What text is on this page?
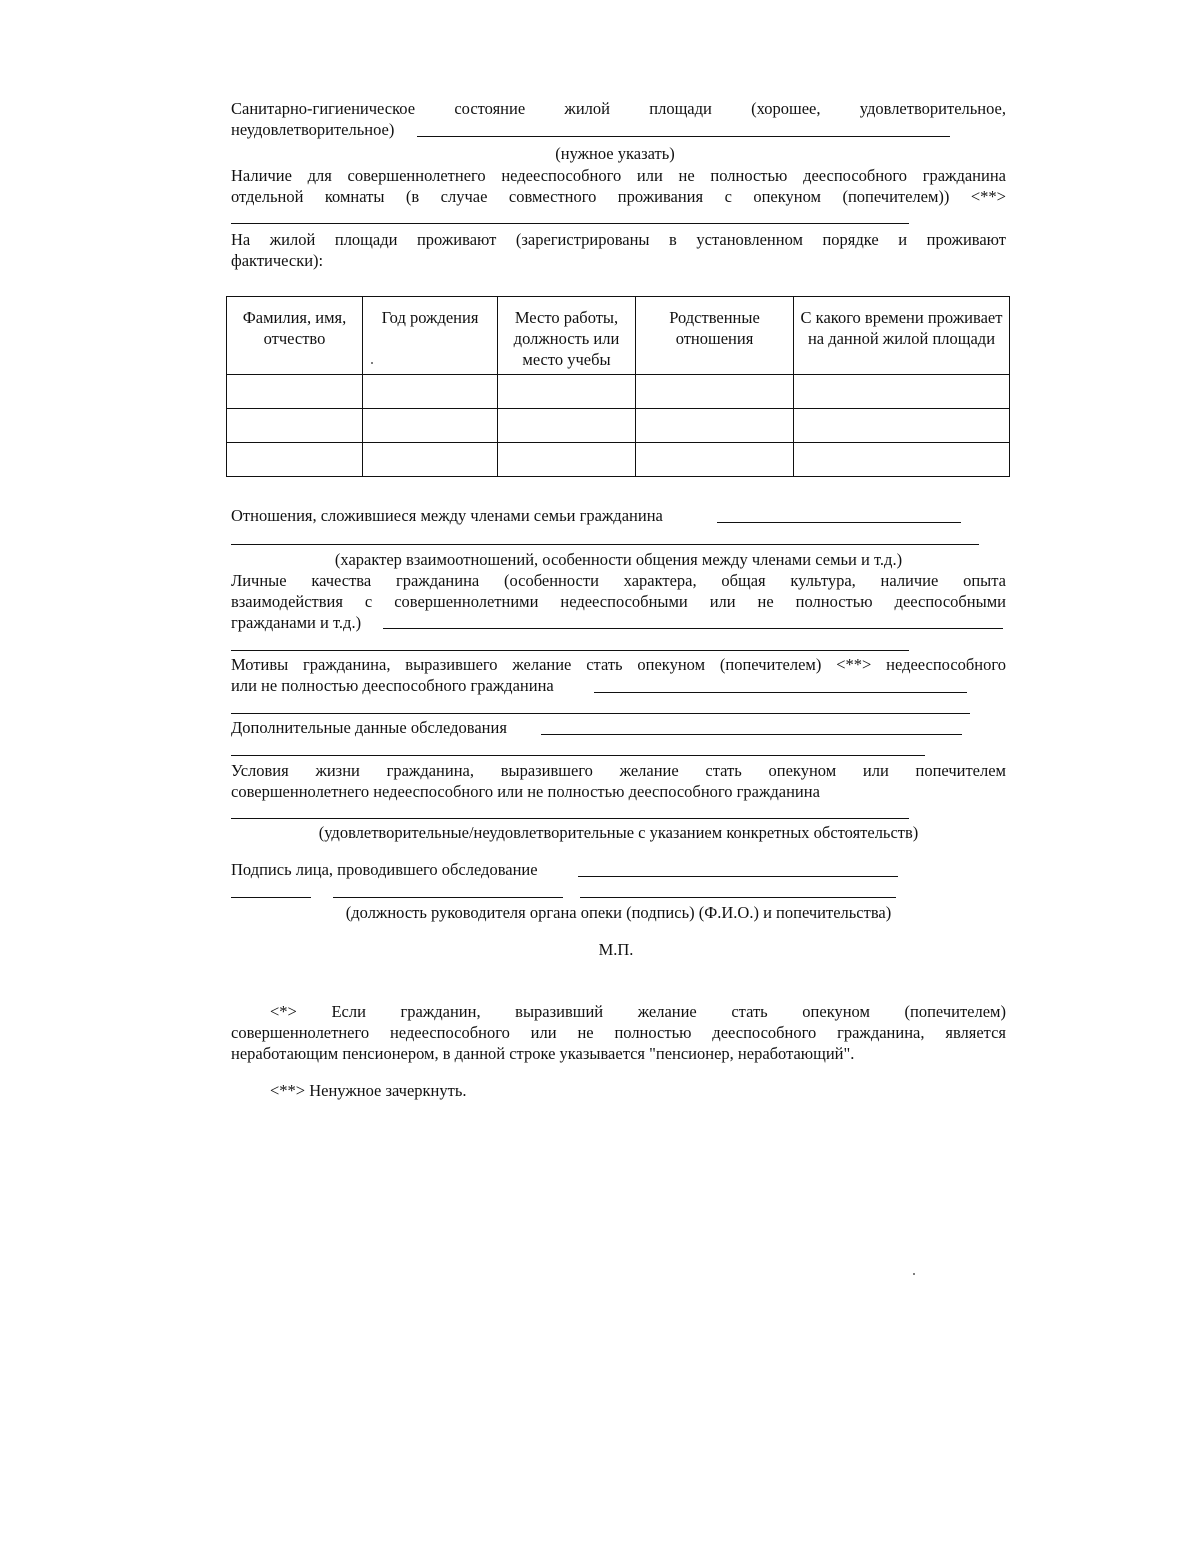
Санитарно-гигиеническое состояние жилой площади (хорошее, удовлетворительное,
неудовлетворительное)
(нужное указать)
Наличие для совершеннолетнего недееспособного или не полностью дееспособного гражданина
отдельной комнаты (в случае совместного проживания с опекуном (попечителем)) <**>
На жилой площади проживают (зарегистрированы в установленном порядке и проживают
фактически):
Фамилия, имя, отчество	Год рождения	Место работы, должность или место учебы	Родственные отношения	С какого времени проживает на данной жилой площади

Отношения, сложившиеся между членами семьи гражданина
(характер взаимоотношений, особенности общения между членами семьи и т.д.)
Личные качества гражданина (особенности характера, общая культура, наличие опыта
взаимодействия с совершеннолетними недееспособными или не полностью дееспособными
гражданами и т.д.)
Мотивы гражданина, выразившего желание стать опекуном (попечителем) <**> недееспособного
или не полностью дееспособного гражданина
Дополнительные данные обследования
Условия жизни гражданина, выразившего желание стать опекуном или попечителем
совершеннолетнего недееспособного или не полностью дееспособного гражданина
(удовлетворительные/неудовлетворительные с указанием конкретных обстоятельств)
Подпись лица, проводившего обследование
(должность руководителя органа опеки (подпись) (Ф.И.О.) и попечительства)
М.П.
<*> Если гражданин, выразивший желание стать опекуном (попечителем)
совершеннолетнего недееспособного или не полностью дееспособного гражданина, является
неработающим пенсионером, в данной строке указывается "пенсионер, неработающий".
<**> Ненужное зачеркнуть.
